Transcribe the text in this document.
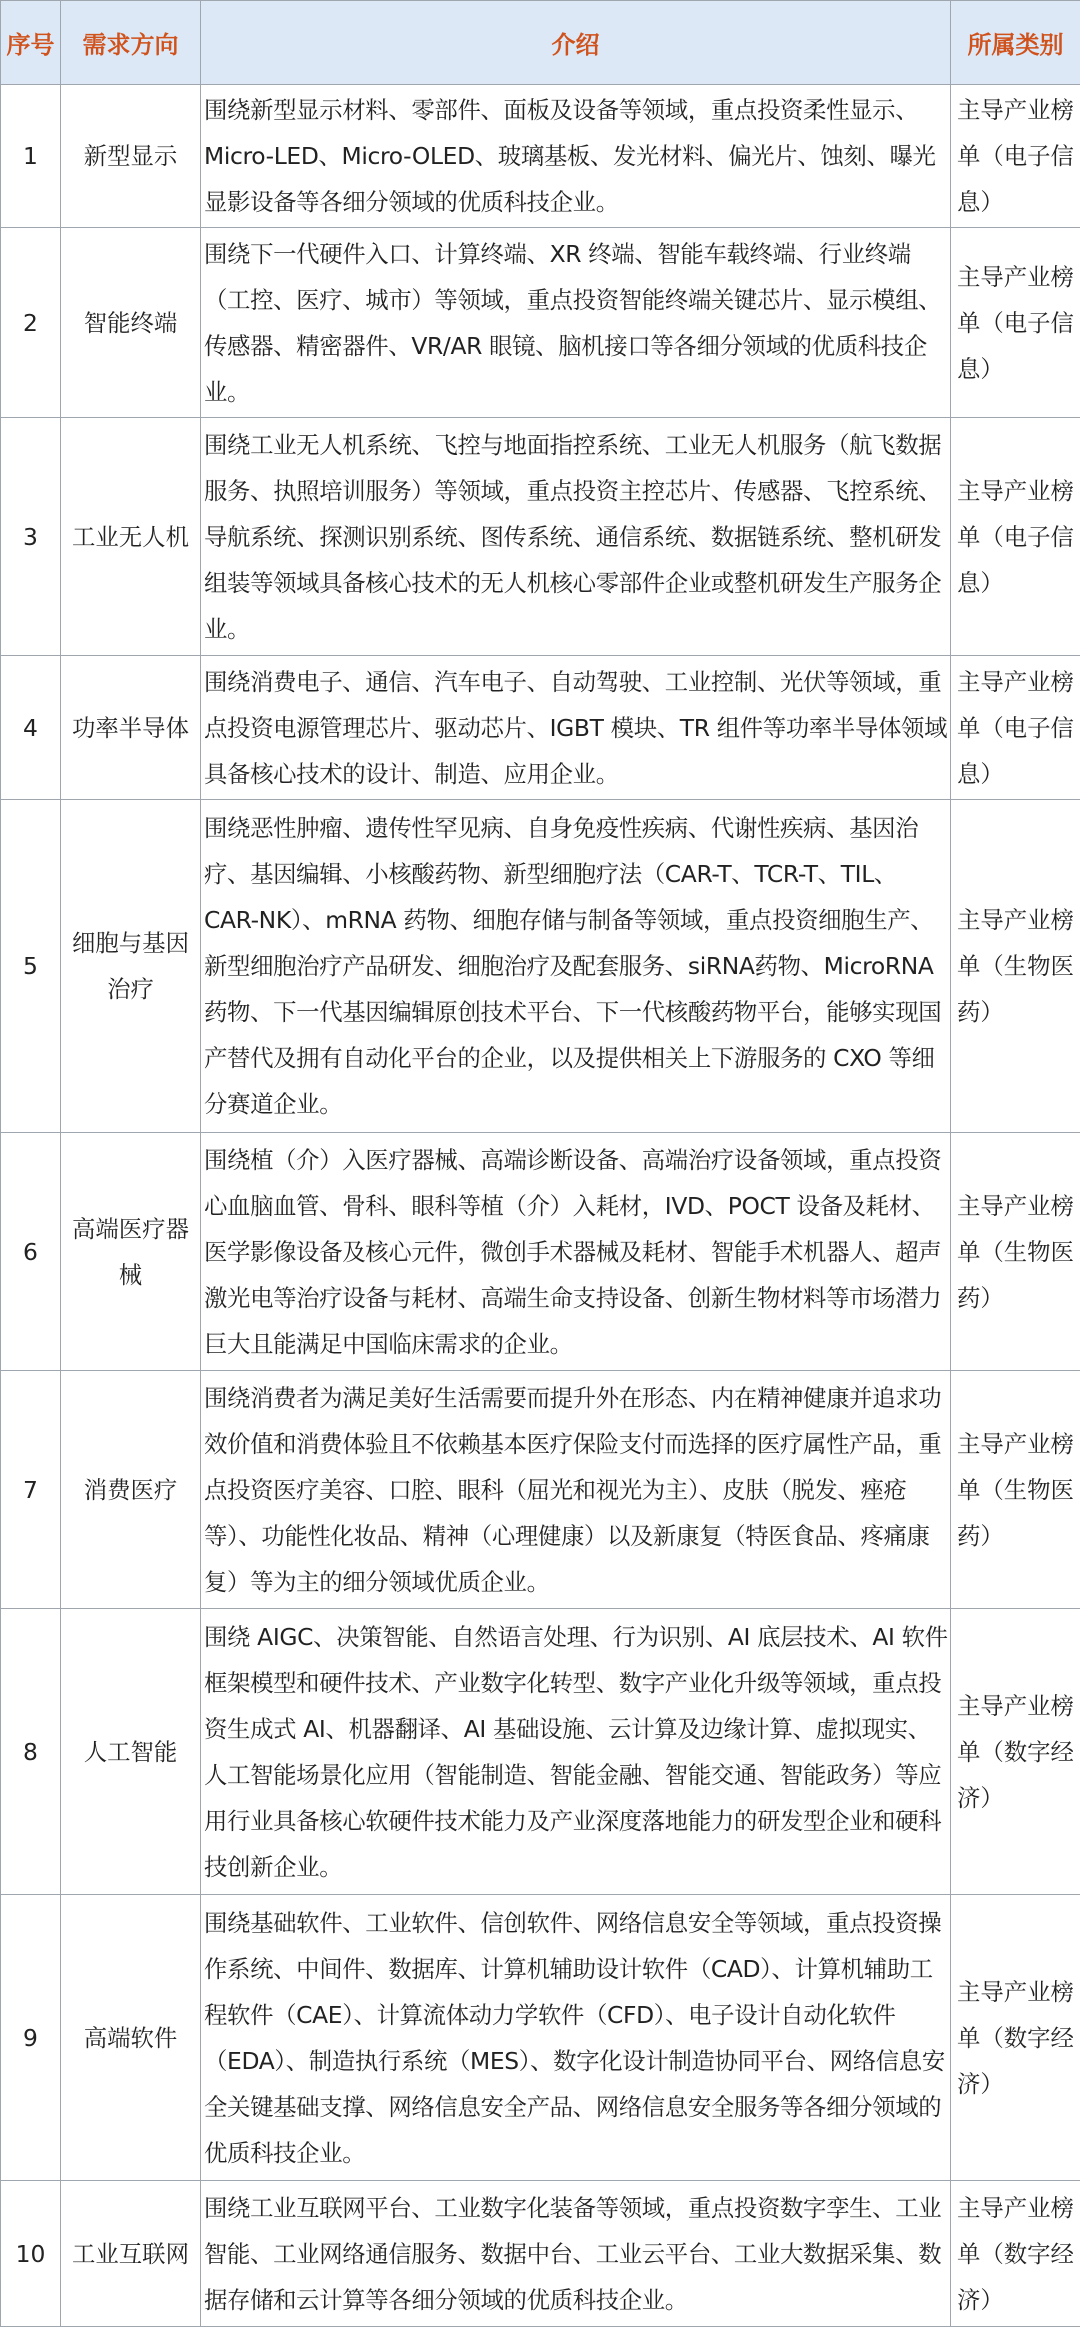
序号	需求方向	介绍	所属类别
1	新型显示	围绕新型显示材料、零部件、面板及设备等领域，重点投资柔性显示、Micro-LED、Micro-OLED、玻璃基板、发光材料、偏光片、蚀刻、曝光显影设备等各细分领域的优质科技企业。	主导产业榜单（电子信息）
2	智能终端	围绕下一代硬件入口、计算终端、XR 终端、智能车载终端、行业终端（工控、医疗、城市）等领域，重点投资智能终端关键芯片、显示模组、传感器、精密器件、VR/AR 眼镜、脑机接口等各细分领域的优质科技企业。	主导产业榜单（电子信息）
3	工业无人机	围绕工业无人机系统、飞控与地面指控系统、工业无人机服务（航飞数据服务、执照培训服务）等领域，重点投资主控芯片、传感器、飞控系统、导航系统、探测识别系统、图传系统、通信系统、数据链系统、整机研发组装等领域具备核心技术的无人机核心零部件企业或整机研发生产服务企业。	主导产业榜单（电子信息）
4	功率半导体	围绕消费电子、通信、汽车电子、自动驾驶、工业控制、光伏等领域，重点投资电源管理芯片、驱动芯片、IGBT 模块、TR 组件等功率半导体领域具备核心技术的设计、制造、应用企业。	主导产业榜单（电子信息）
5	细胞与基因治疗	围绕恶性肿瘤、遗传性罕见病、自身免疫性疾病、代谢性疾病、基因治疗、基因编辑、小核酸药物、新型细胞疗法（CAR-T、TCR-T、TIL、CAR-NK）、mRNA 药物、细胞存储与制备等领域，重点投资细胞生产、新型细胞治疗产品研发、细胞治疗及配套服务、siRNA药物、MicroRNA 药物、下一代基因编辑原创技术平台、下一代核酸药物平台，能够实现国产替代及拥有自动化平台的企业，以及提供相关上下游服务的 CXO 等细分赛道企业。	主导产业榜单（生物医药）
6	高端医疗器械	围绕植（介）入医疗器械、高端诊断设备、高端治疗设备领域，重点投资心血脑血管、骨科、眼科等植（介）入耗材，IVD、POCT 设备及耗材、医学影像设备及核心元件，微创手术器械及耗材、智能手术机器人、超声激光电等治疗设备与耗材、高端生命支持设备、创新生物材料等市场潜力巨大且能满足中国临床需求的企业。	主导产业榜单（生物医药）
7	消费医疗	围绕消费者为满足美好生活需要而提升外在形态、内在精神健康并追求功效价值和消费体验且不依赖基本医疗保险支付而选择的医疗属性产品，重点投资医疗美容、口腔、眼科（屈光和视光为主）、皮肤（脱发、痤疮等）、功能性化妆品、精神（心理健康）以及新康复（特医食品、疼痛康复）等为主的细分领域优质企业。	主导产业榜单（生物医药）
8	人工智能	围绕 AIGC、决策智能、自然语言处理、行为识别、AI 底层技术、AI 软件框架模型和硬件技术、产业数字化转型、数字产业化升级等领域，重点投资生成式 AI、机器翻译、AI 基础设施、云计算及边缘计算、虚拟现实、人工智能场景化应用（智能制造、智能金融、智能交通、智能政务）等应用行业具备核心软硬件技术能力及产业深度落地能力的研发型企业和硬科技创新企业。	主导产业榜单（数字经济）
9	高端软件	围绕基础软件、工业软件、信创软件、网络信息安全等领域，重点投资操作系统、中间件、数据库、计算机辅助设计软件（CAD）、计算机辅助工程软件（CAE）、计算流体动力学软件（CFD）、电子设计自动化软件（EDA）、制造执行系统（MES）、数字化设计制造协同平台、网络信息安全关键基础支撑、网络信息安全产品、网络信息安全服务等各细分领域的优质科技企业。	主导产业榜单（数字经济）
10	工业互联网	围绕工业互联网平台、工业数字化装备等领域，重点投资数字孪生、工业智能、工业网络通信服务、数据中台、工业云平台、工业大数据采集、数据存储和云计算等各细分领域的优质科技企业。	主导产业榜单（数字经济）
